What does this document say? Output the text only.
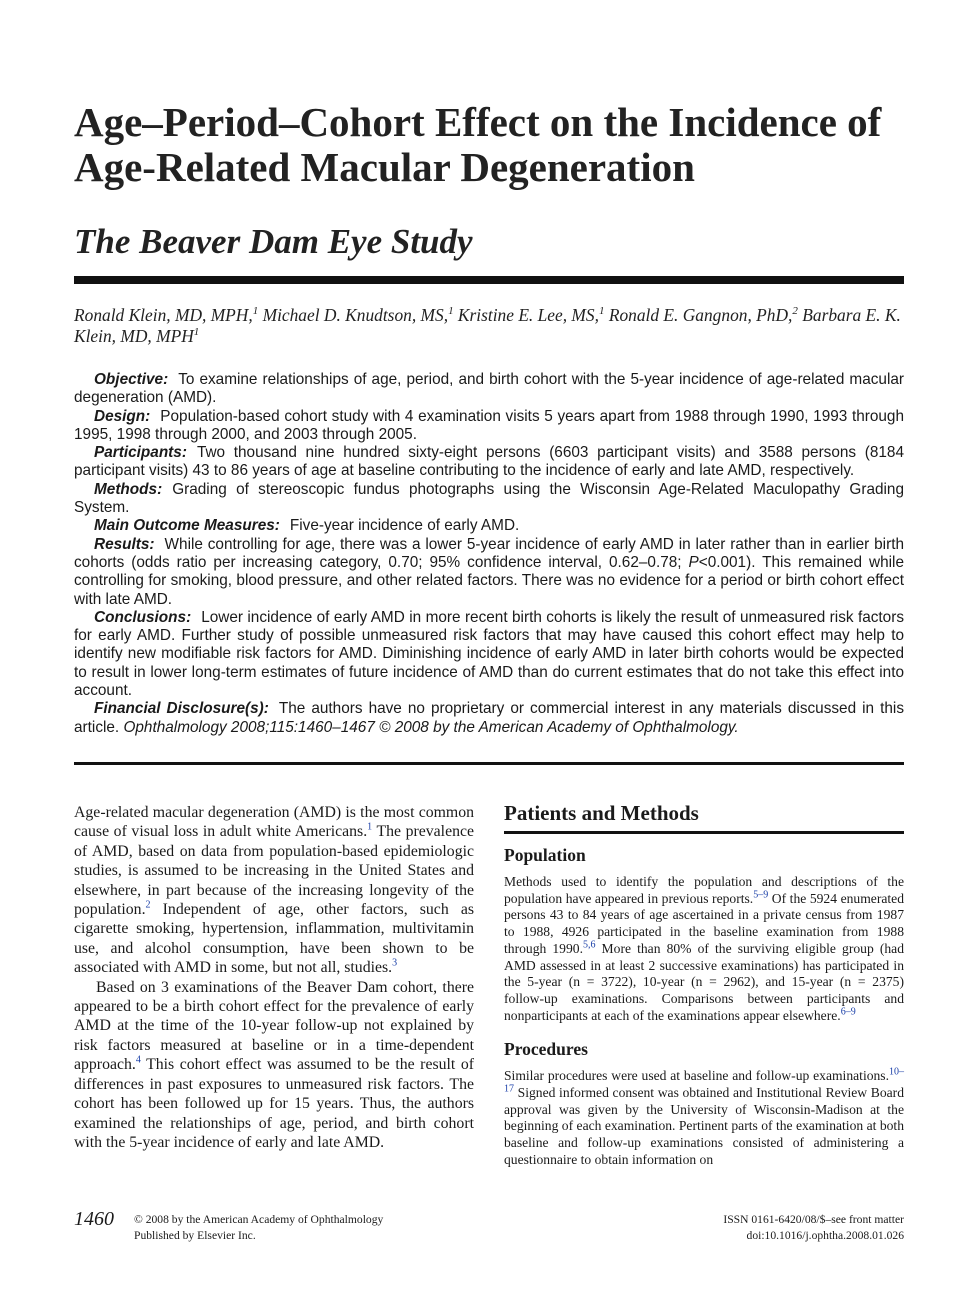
Age–Period–Cohort Effect on the Incidence of Age-Related Macular Degeneration
The Beaver Dam Eye Study
Ronald Klein, MD, MPH,$^1$ Michael D. Knudtson, MS,$^1$ Kristine E. Lee, MS,$^1$ Ronald E. Gangnon, PhD,$^2$ Barbara E. K. Klein, MD, MPH$^1$

Objective: To examine relationships of age, period, and birth cohort with the 5-year incidence of age-related macular degeneration (AMD).

Design: Population-based cohort study with 4 examination visits 5 years apart from 1988 through 1990, 1993 through 1995, 1998 through 2000, and 2003 through 2005.

Participants: Two thousand nine hundred sixty-eight persons (6603 participant visits) and 3588 persons (8184 participant visits) 43 to 86 years of age at baseline contributing to the incidence of early and late AMD, respectively.

Methods: Grading of stereoscopic fundus photographs using the Wisconsin Age-Related Maculopathy Grading System.

Main Outcome Measures: Five-year incidence of early AMD.

Results: While controlling for age, there was a lower 5-year incidence of early AMD in later rather than in earlier birth cohorts (odds ratio per increasing category, 0.70; 95% confidence interval, 0.62–0.78; P<0.001). This remained while controlling for smoking, blood pressure, and other related factors. There was no evidence for a period or birth cohort effect with late AMD.

Conclusions: Lower incidence of early AMD in more recent birth cohorts is likely the result of unmeasured risk factors for early AMD. Further study of possible unmeasured risk factors that may have caused this cohort effect may help to identify new modifiable risk factors for AMD. Diminishing incidence of early AMD in later birth cohorts would be expected to result in lower long-term estimates of future incidence of AMD than do current estimates that do not take this effect into account.

Financial Disclosure(s): The authors have no proprietary or commercial interest in any materials discussed in this article. Ophthalmology 2008;115:1460–1467 © 2008 by the American Academy of Ophthalmology.

Age-related macular degeneration (AMD) is the most common cause of visual loss in adult white Americans.$^1$ The prevalence of AMD, based on data from population-based epidemiologic studies, is assumed to be increasing in the United States and elsewhere, in part because of the increasing longevity of the population.$^2$ Independent of age, other factors, such as cigarette smoking, hypertension, inflammation, multivitamin use, and alcohol consumption, have been shown to be associated with AMD in some, but not all, studies.$^3$

Based on 3 examinations of the Beaver Dam cohort, there appeared to be a birth cohort effect for the prevalence of early AMD at the time of the 10-year follow-up not explained by risk factors measured at baseline or in a time-dependent approach.$^4$ This cohort effect was assumed to be the result of differences in past exposures to unmeasured risk factors. The cohort has been followed up for 15 years. Thus, the authors examined the relationships of age, period, and birth cohort with the 5-year incidence of early and late AMD.

Patients and Methods
Population

Methods used to identify the population and descriptions of the population have appeared in previous reports.$^{5-9}$ Of the 5924 enumerated persons 43 to 84 years of age ascertained in a private census from 1987 to 1988, 4926 participated in the baseline examination from 1988 through 1990.$^{5,6}$ More than 80% of the surviving eligible group (had AMD assessed in at least 2 successive examinations) has participated in the 5-year (n = 3722), 10-year (n = 2962), and 15-year (n = 2375) follow-up examinations. Comparisons between participants and nonparticipants at each of the examinations appear elsewhere.$^{6-9}$

Procedures

Similar procedures were used at baseline and follow-up examinations.$^{10-17}$ Signed informed consent was obtained and Institutional Review Board approval was given by the University of Wisconsin-Madison at the beginning of each examination. Pertinent parts of the examination at both baseline and follow-up examinations consisted of administering a questionnaire to obtain information on

1460 © 2008 by the American Academy of Ophthalmology
Published by Elsevier Inc.
ISSN 0161-6420/08/$–see front matter
doi:10.1016/j.ophtha.2008.01.026
